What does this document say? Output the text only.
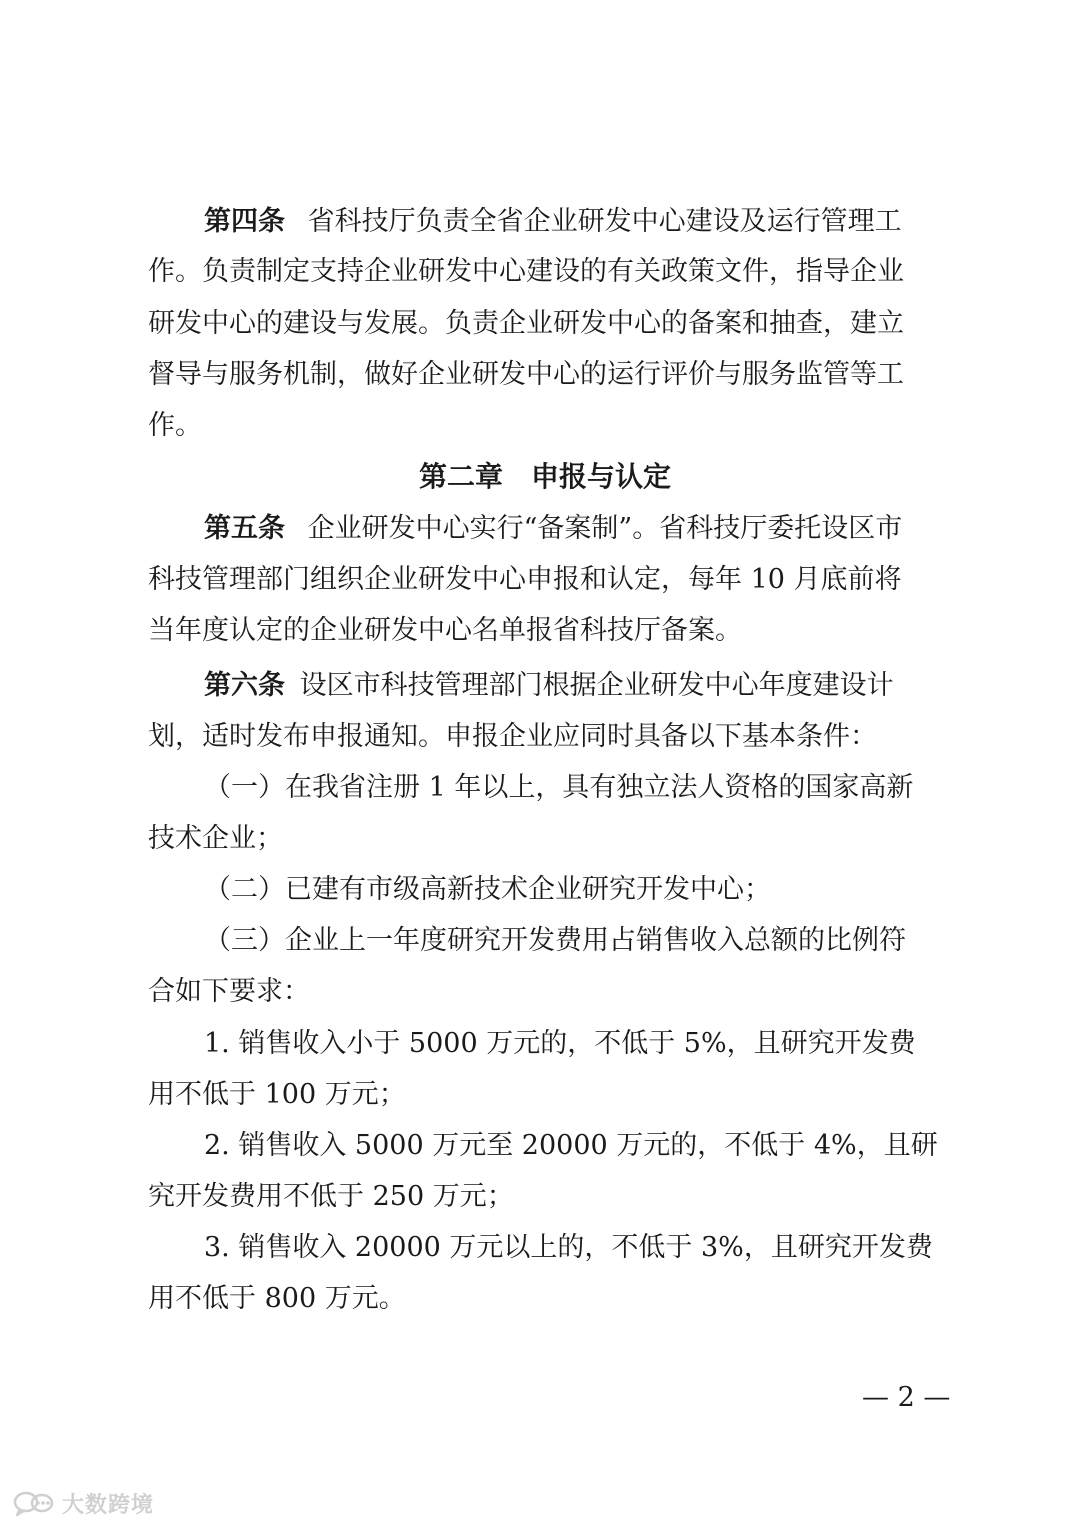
第四条 省科技厅负责全省企业研发中心建设及运行管理工
作。负责制定支持企业研发中心建设的有关政策文件，指导企业
研发中心的建设与发展。负责企业研发中心的备案和抽查，建立
督导与服务机制，做好企业研发中心的运行评价与服务监管等工
作。
第二章　申报与认定
第五条 企业研发中心实行“备案制”。省科技厅委托设区市
科技管理部门组织企业研发中心申报和认定，每年 10 月底前将
当年度认定的企业研发中心名单报省科技厅备案。
第六条 设区市科技管理部门根据企业研发中心年度建设计
划，适时发布申报通知。申报企业应同时具备以下基本条件：
（一）在我省注册 1 年以上，具有独立法人资格的国家高新
技术企业；
（二）已建有市级高新技术企业研究开发中心；
（三）企业上一年度研究开发费用占销售收入总额的比例符
合如下要求：
1. 销售收入小于 5000 万元的，不低于 5%，且研究开发费
用不低于 100 万元；
2. 销售收入 5000 万元至 20000 万元的，不低于 4%，且研
究开发费用不低于 250 万元；
3. 销售收入 20000 万元以上的，不低于 3%，且研究开发费
用不低于 800 万元。
— 2 —
大数跨境
